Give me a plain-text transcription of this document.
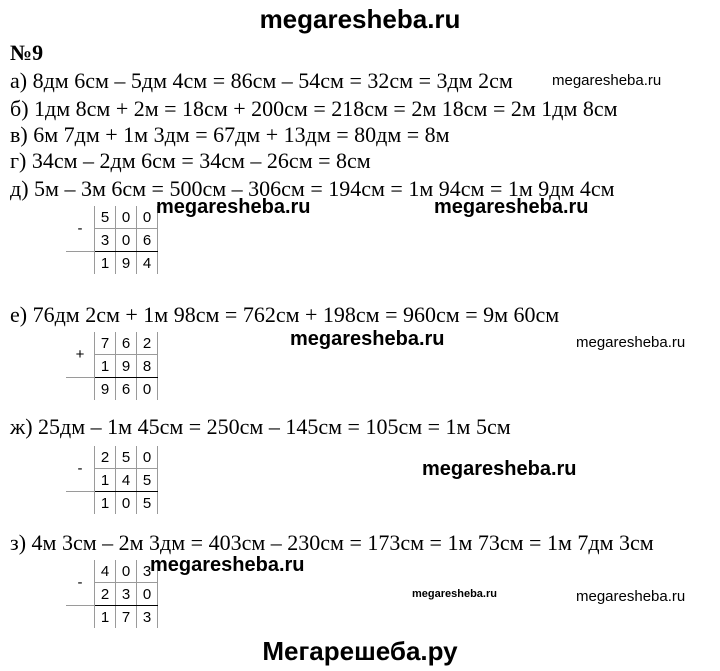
megaresheba.ru
№9
а) 8дм 6см – 5дм 4см = 86см – 54см = 32см = 3дм 2см	megaresheba.ru
б) 1дм 8см + 2м = 18см + 200см = 218см = 2м 18см = 2м 1дм 8см
в) 6м 7дм + 1м 3дм = 67дм + 13дм = 80дм = 8м
г) 34см – 2дм 6см = 34см – 26см = 8см
д) 5м – 3м 6см = 500см – 306см = 194см = 1м 94см = 1м 9дм 4см
-	5	0	0
	3	0	6
	1	9	4
megaresheba.ru	megaresheba.ru
е) 76дм 2см + 1м 98см = 762см + 198см = 960см = 9м 60см
+	7	6	2
	1	9	8
	9	6	0
megaresheba.ru	megaresheba.ru
ж) 25дм – 1м 45см = 250см – 145см = 105см = 1м 5см
-	2	5	0
	1	4	5
	1	0	5
megaresheba.ru
з) 4м 3см – 2м 3дм = 403см – 230см = 173см = 1м 73см = 1м 7дм 3см
-	4	0	3
	2	3	0
	1	7	3
megaresheba.ru
megaresheba.ru	megaresheba.ru
Мегарешеба.ру
